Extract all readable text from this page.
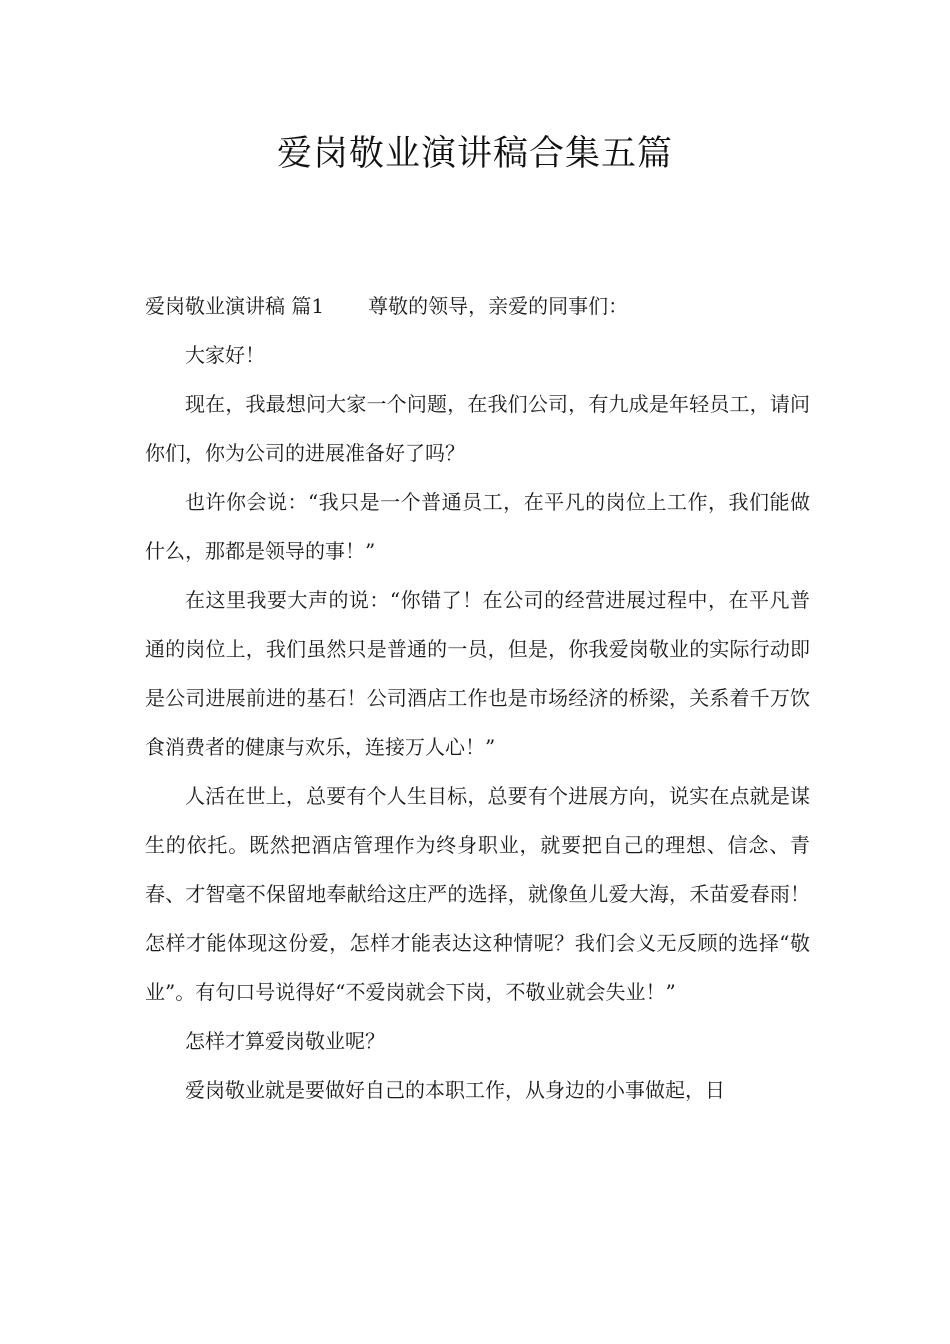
爱岗敬业演讲稿合集五篇

爱岗敬业演讲稿 篇1 尊敬的领导，亲爱的同事们：

大家好！

现在，我最想问大家一个问题，在我们公司，有九成是年轻员工，请问你们，你为公司的进展准备好了吗？

也许你会说：“我只是一个普通员工，在平凡的岗位上工作，我们能做什么，那都是领导的事！”

在这里我要大声的说：“你错了！在公司的经营进展过程中，在平凡普通的岗位上，我们虽然只是普通的一员，但是，你我爱岗敬业的实际行动即是公司进展前进的基石！公司酒店工作也是市场经济的桥梁，关系着千万饮食消费者的健康与欢乐，连接万人心！”

人活在世上，总要有个人生目标，总要有个进展方向，说实在点就是谋生的依托。既然把酒店管理作为终身职业，就要把自己的理想、信念、青春、才智毫不保留地奉献给这庄严的选择，就像鱼儿爱大海，禾苗爱春雨！怎样才能体现这份爱，怎样才能表达这种情呢？我们会义无反顾的选择“敬业”。有句口号说得好“不爱岗就会下岗，不敬业就会失业！”

怎样才算爱岗敬业呢？

爱岗敬业就是要做好自己的本职工作，从身边的小事做起，日
